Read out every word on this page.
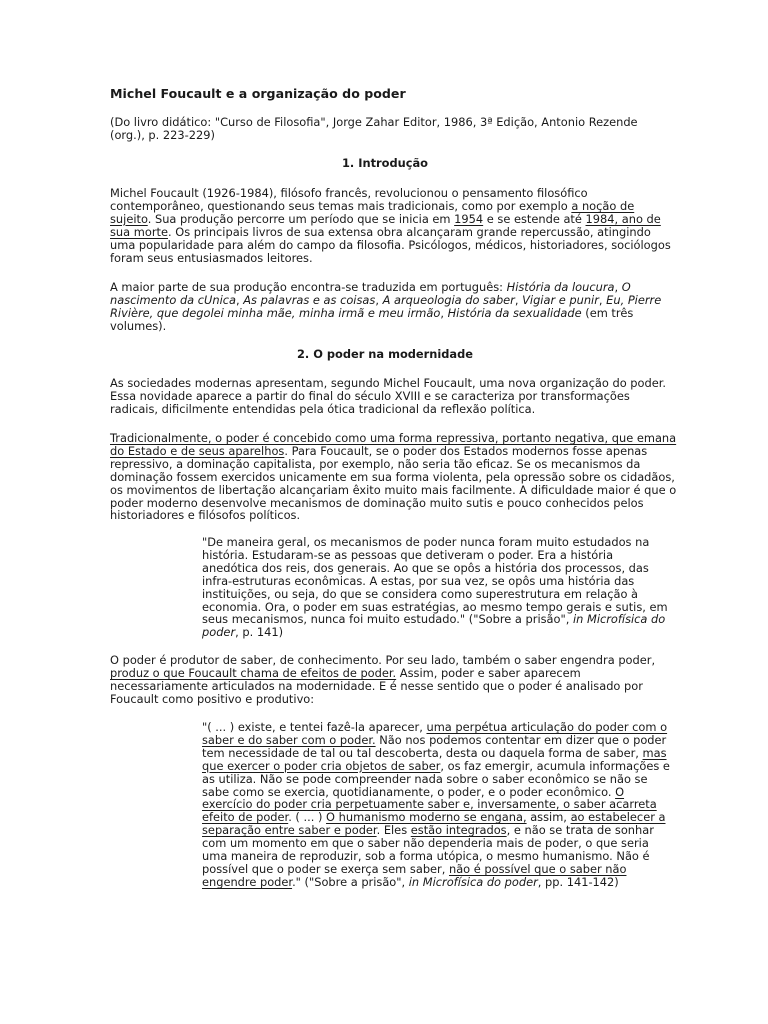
Michel Foucault e a organização do poder
(Do livro didático: "Curso de Filosofia", Jorge Zahar Editor, 1986, 3ª Edição, Antonio Rezende
(org.), p. 223-229)
1. Introdução
Michel Foucault (1926-1984), filósofo francês, revolucionou o pensamento filosófico
contemporâneo, questionando seus temas mais tradicionais, como por exemplo a noção de
sujeito. Sua produção percorre um período que se inicia em 1954 e se estende até 1984, ano de
sua morte. Os principais livros de sua extensa obra alcançaram grande repercussão, atingindo
uma popularidade para além do campo da filosofia. Psicólogos, médicos, historiadores, sociólogos
foram seus entusiasmados leitores.
A maior parte de sua produção encontra-se traduzida em português: História da loucura, O
nascimento da cUnica, As palavras e as coisas, A arqueologia do saber, Vigiar e punir, Eu, Pierre
Rivière, que degolei minha mãe, minha irmã e meu irmão, História da sexualidade (em três
volumes).
2. O poder na modernidade
As sociedades modernas apresentam, segundo Michel Foucault, uma nova organização do poder.
Essa novidade aparece a partir do final do século XVIII e se caracteriza por transformações
radicais, dificilmente entendidas pela ótica tradicional da reflexão política.
Tradicionalmente, o poder é concebido como uma forma repressiva, portanto negativa, que emana
do Estado e de seus aparelhos. Para Foucault, se o poder dos Estados modernos fosse apenas
repressivo, a dominação capitalista, por exemplo, não seria tão eficaz. Se os mecanismos da
dominação fossem exercidos unicamente em sua forma violenta, pela opressão sobre os cidadãos,
os movimentos de libertação alcançariam êxito muito mais facilmente. A dificuldade maior é que o
poder moderno desenvolve mecanismos de dominação muito sutis e pouco conhecidos pelos
historiadores e filósofos políticos.
"De maneira geral, os mecanismos de poder nunca foram muito estudados na
história. Estudaram-se as pessoas que detiveram o poder. Era a história
anedótica dos reis, dos generais. Ao que se opôs a história dos processos, das
infra-estruturas econômicas. A estas, por sua vez, se opôs uma história das
instituições, ou seja, do que se considera como superestrutura em relação à
economia. Ora, o poder em suas estratégias, ao mesmo tempo gerais e sutis, em
seus mecanismos, nunca foi muito estudado." ("Sobre a prisão", in Microfísica do
poder, p. 141)
O poder é produtor de saber, de conhecimento. Por seu lado, também o saber engendra poder,
produz o que Foucault chama de efeitos de poder. Assim, poder e saber aparecem
necessariamente articulados na modernidade. E é nesse sentido que o poder é analisado por
Foucault como positivo e produtivo:
"( ... ) existe, e tentei fazê-la aparecer, uma perpétua articulação do poder com o
saber e do saber com o poder. Não nos podemos contentar em dizer que o poder
tem necessidade de tal ou tal descoberta, desta ou daquela forma de saber, mas
que exercer o poder cria objetos de saber, os faz emergir, acumula informações e
as utiliza. Não se pode compreender nada sobre o saber econômico se não se
sabe como se exercia, quotidianamente, o poder, e o poder econômico. O
exercício do poder cria perpetuamente saber e, inversamente, o saber acarreta
efeito de poder. ( ... ) O humanismo moderno se engana, assim, ao estabelecer a
separação entre saber e poder. Eles estão integrados, e não se trata de sonhar
com um momento em que o saber não dependeria mais de poder, o que seria
uma maneira de reproduzir, sob a forma utópica, o mesmo humanismo. Não é
possível que o poder se exerça sem saber, não é possível que o saber não
engendre poder." ("Sobre a prisão", in Microfísica do poder, pp. 141-142)
